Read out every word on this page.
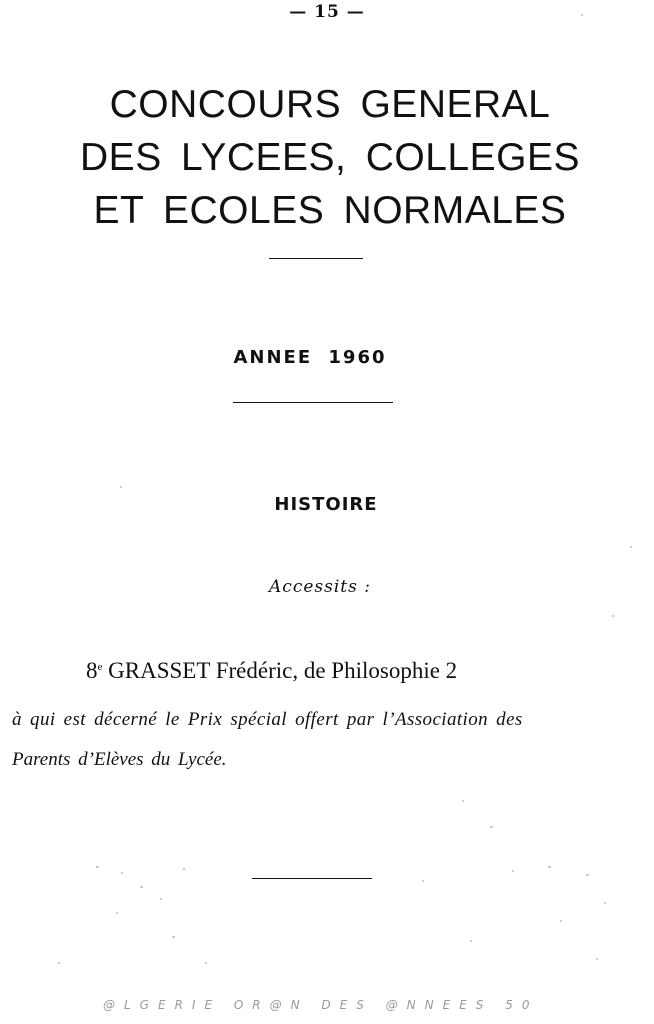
— 15 —
CONCOURS GENERAL
DES LYCEES, COLLEGES
ET ECOLES NORMALES
ANNEE 1960
HISTOIRE
Accessits :
8e GRASSET Frédéric, de Philosophie 2
à qui est décerné le Prix spécial offert par l’Association des
Parents d’Elèves du Lycée.
@LGERIE OR@N DES @NNEES 50
